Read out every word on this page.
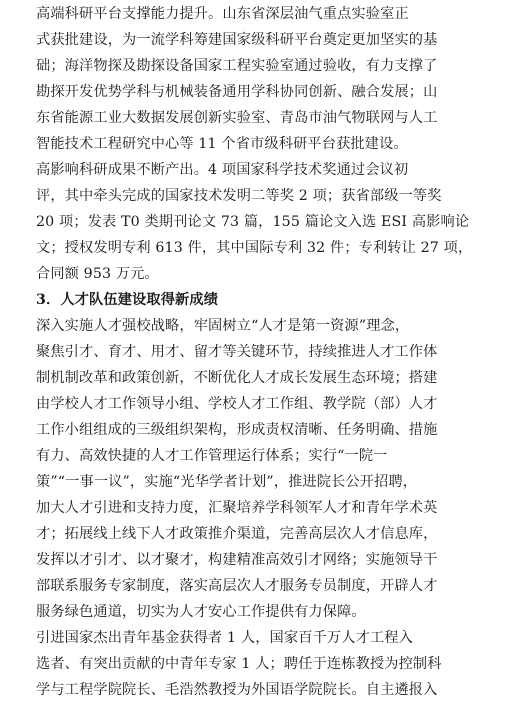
高端科研平台支撑能力提升。山东省深层油气重点实验室正
式获批建设，为一流学科筹建国家级科研平台奠定更加坚实的基
础；海洋物探及勘探设备国家工程实验室通过验收，有力支撑了
勘探开发优势学科与机械装备通用学科协同创新、融合发展；山
东省能源工业大数据发展创新实验室、青岛市油气物联网与人工
智能技术工程研究中心等 11 个省市级科研平台获批建设。
高影响科研成果不断产出。4 项国家科学技术奖通过会议初
评，其中牵头完成的国家技术发明二等奖 2 项；获省部级一等奖
20 项；发表 T0 类期刊论文 73 篇，155 篇论文入选 ESI 高影响论
文；授权发明专利 613 件，其中国际专利 32 件；专利转让 27 项，
合同额 953 万元。
3．人才队伍建设取得新成绩
深入实施人才强校战略，牢固树立“人才是第一资源”理念，
聚焦引才、育才、用才、留才等关键环节，持续推进人才工作体
制机制改革和政策创新，不断优化人才成长发展生态环境；搭建
由学校人才工作领导小组、学校人才工作组、教学院（部）人才
工作小组组成的三级组织架构，形成责权清晰、任务明确、措施
有力、高效快捷的人才工作管理运行体系；实行“一院一
策”“一事一议”，实施“光华学者计划”，推进院长公开招聘，
加大人才引进和支持力度，汇聚培养学科领军人才和青年学术英
才；拓展线上线下人才政策推介渠道，完善高层次人才信息库，
发挥以才引才、以才聚才，构建精准高效引才网络；实施领导干
部联系服务专家制度，落实高层次人才服务专员制度，开辟人才
服务绿色通道，切实为人才安心工作提供有力保障。
引进国家杰出青年基金获得者 1 人，国家百千万人才工程入
选者、有突出贡献的中青年专家 1 人；聘任于连栋教授为控制科
学与工程学院院长、毛浩然教授为外国语学院院长。自主遴报入
